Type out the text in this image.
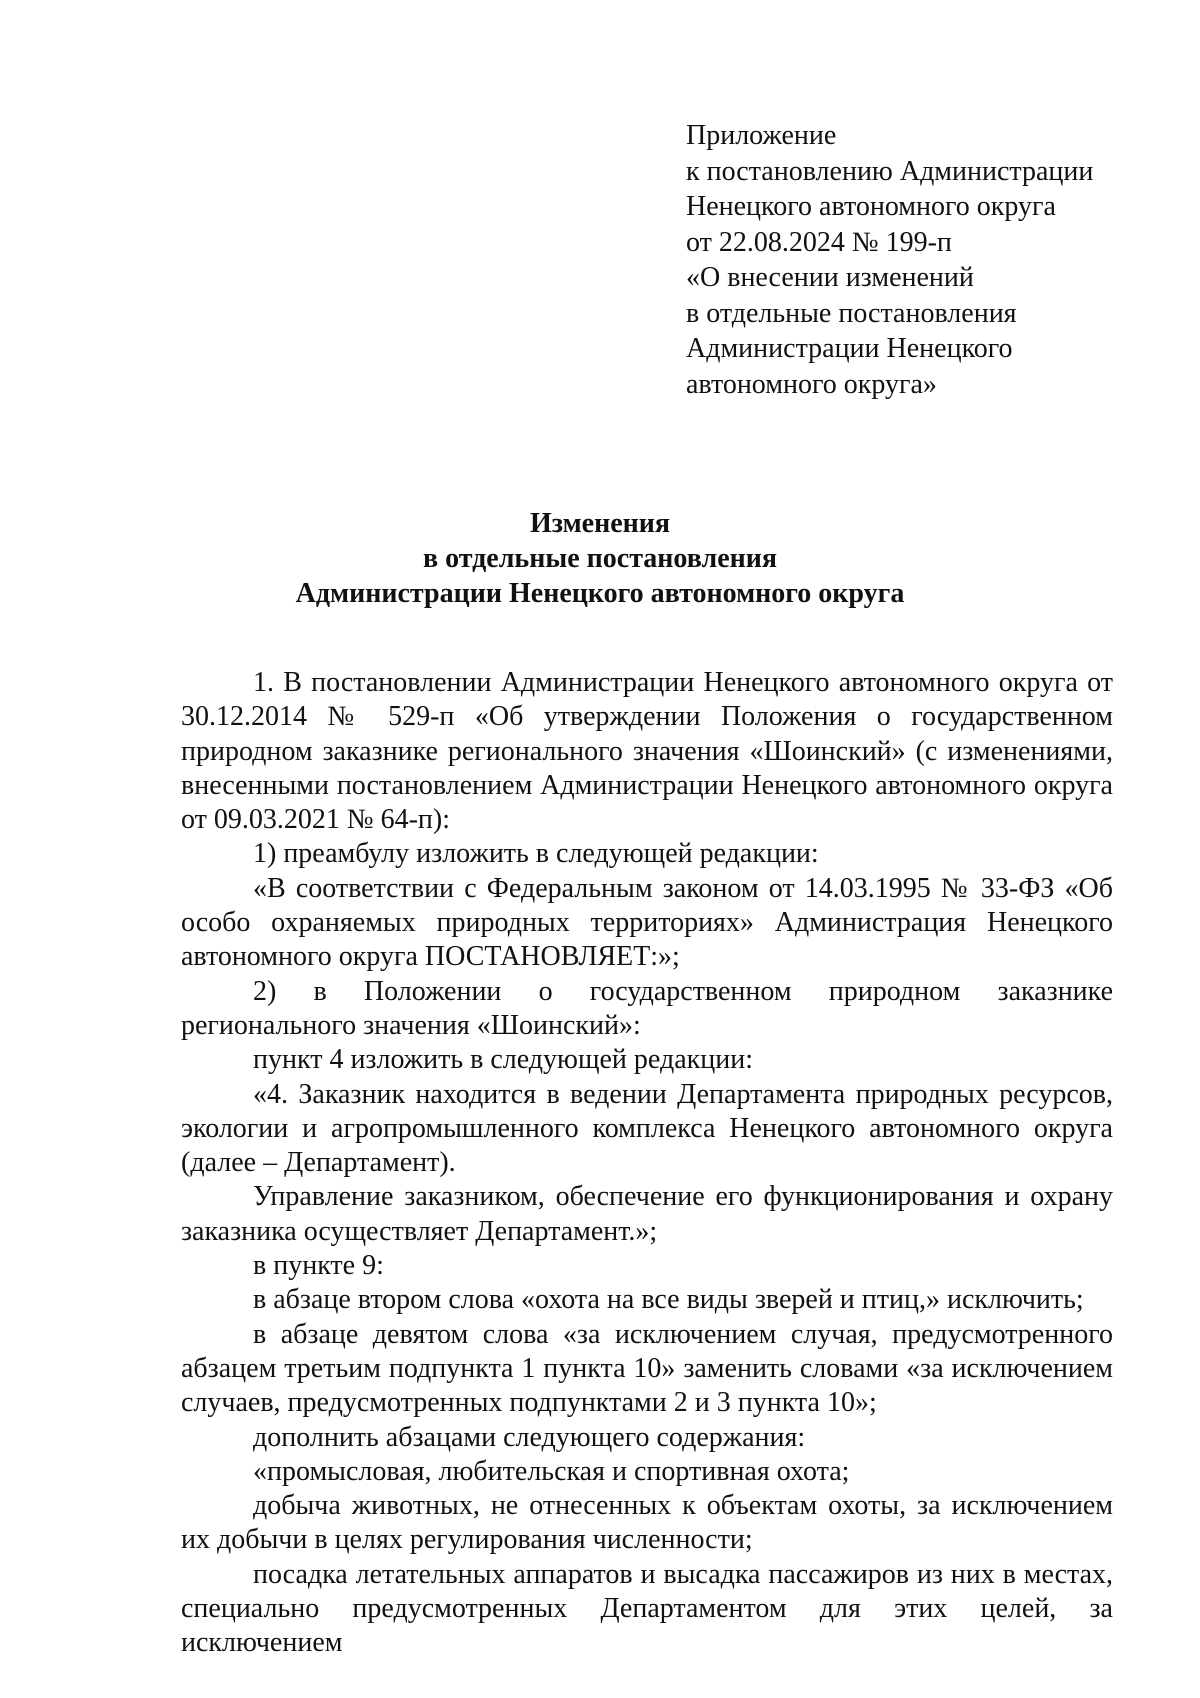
Приложение
к постановлению Администрации
Ненецкого автономного округа
от 22.08.2024 № 199-п
«О внесении изменений
в отдельные постановления
Администрации Ненецкого
автономного округа»
Изменения
в отдельные постановления
Администрации Ненецкого автономного округа

1. В постановлении Администрации Ненецкого автономного округа от 30.12.2014 № 529-п «Об утверждении Положения о государственном природном заказнике регионального значения «Шоинский» (с изменениями, внесенными постановлением Администрации Ненецкого автономного округа от 09.03.2021 № 64-п):

1) преамбулу изложить в следующей редакции:

«В соответствии с Федеральным законом от 14.03.1995 № 33-ФЗ «Об особо охраняемых природных территориях» Администрация Ненецкого автономного округа ПОСТАНОВЛЯЕТ:»;

2) в Положении о государственном природном заказнике регионального значения «Шоинский»:

пункт 4 изложить в следующей редакции:

«4. Заказник находится в ведении Департамента природных ресурсов, экологии и агропромышленного комплекса Ненецкого автономного округа (далее – Департамент).

Управление заказником, обеспечение его функционирования и охрану заказника осуществляет Департамент.»;

в пункте 9:

в абзаце втором слова «охота на все виды зверей и птиц,» исключить;

в абзаце девятом слова «за исключением случая, предусмотренного абзацем третьим подпункта 1 пункта 10» заменить словами «за исключением случаев, предусмотренных подпунктами 2 и 3 пункта 10»;

дополнить абзацами следующего содержания:

«промысловая, любительская и спортивная охота;

добыча животных, не отнесенных к объектам охоты, за исключением их добычи в целях регулирования численности;

посадка летательных аппаратов и высадка пассажиров из них в местах, специально предусмотренных Департаментом для этих целей, за исключением
